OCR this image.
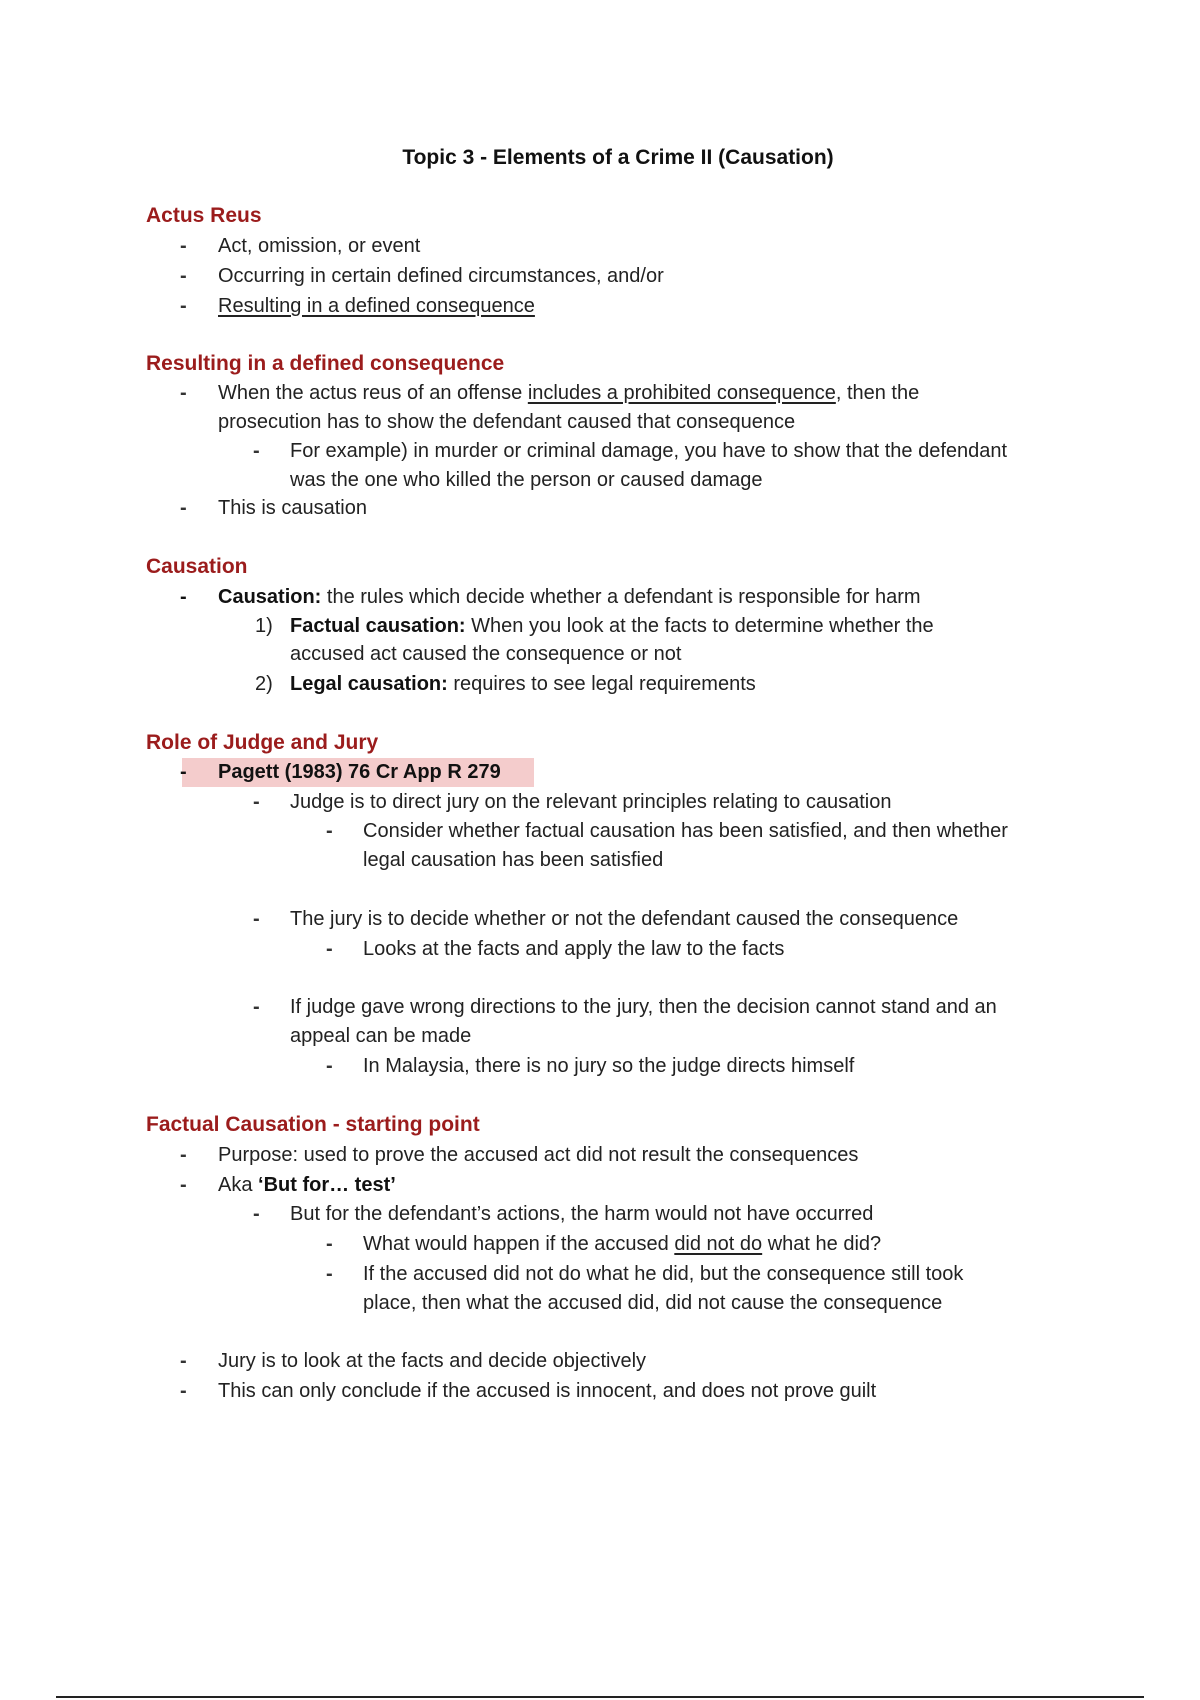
Topic 3 - Elements of a Crime II (Causation)
Actus Reus
- Act, omission, or event
- Occurring in certain defined circumstances, and/or
- Resulting in a defined consequence
Resulting in a defined consequence
- When the actus reus of an offense includes a prohibited consequence, then the
prosecution has to show the defendant caused that consequence
- For example) in murder or criminal damage, you have to show that the defendant
was the one who killed the person or caused damage
- This is causation
Causation
- Causation: the rules which decide whether a defendant is responsible for harm
1) Factual causation: When you look at the facts to determine whether the
accused act caused the consequence or not
2) Legal causation: requires to see legal requirements
Role of Judge and Jury
- Pagett (1983) 76 Cr App R 279
- Judge is to direct jury on the relevant principles relating to causation
- Consider whether factual causation has been satisfied, and then whether
legal causation has been satisfied
- The jury is to decide whether or not the defendant caused the consequence
- Looks at the facts and apply the law to the facts
- If judge gave wrong directions to the jury, then the decision cannot stand and an
appeal can be made
- In Malaysia, there is no jury so the judge directs himself
Factual Causation - starting point
- Purpose: used to prove the accused act did not result the consequences
- Aka ‘But for… test’
- But for the defendant’s actions, the harm would not have occurred
- What would happen if the accused did not do what he did?
- If the accused did not do what he did, but the consequence still took
place, then what the accused did, did not cause the consequence
- Jury is to look at the facts and decide objectively
- This can only conclude if the accused is innocent, and does not prove guilt
